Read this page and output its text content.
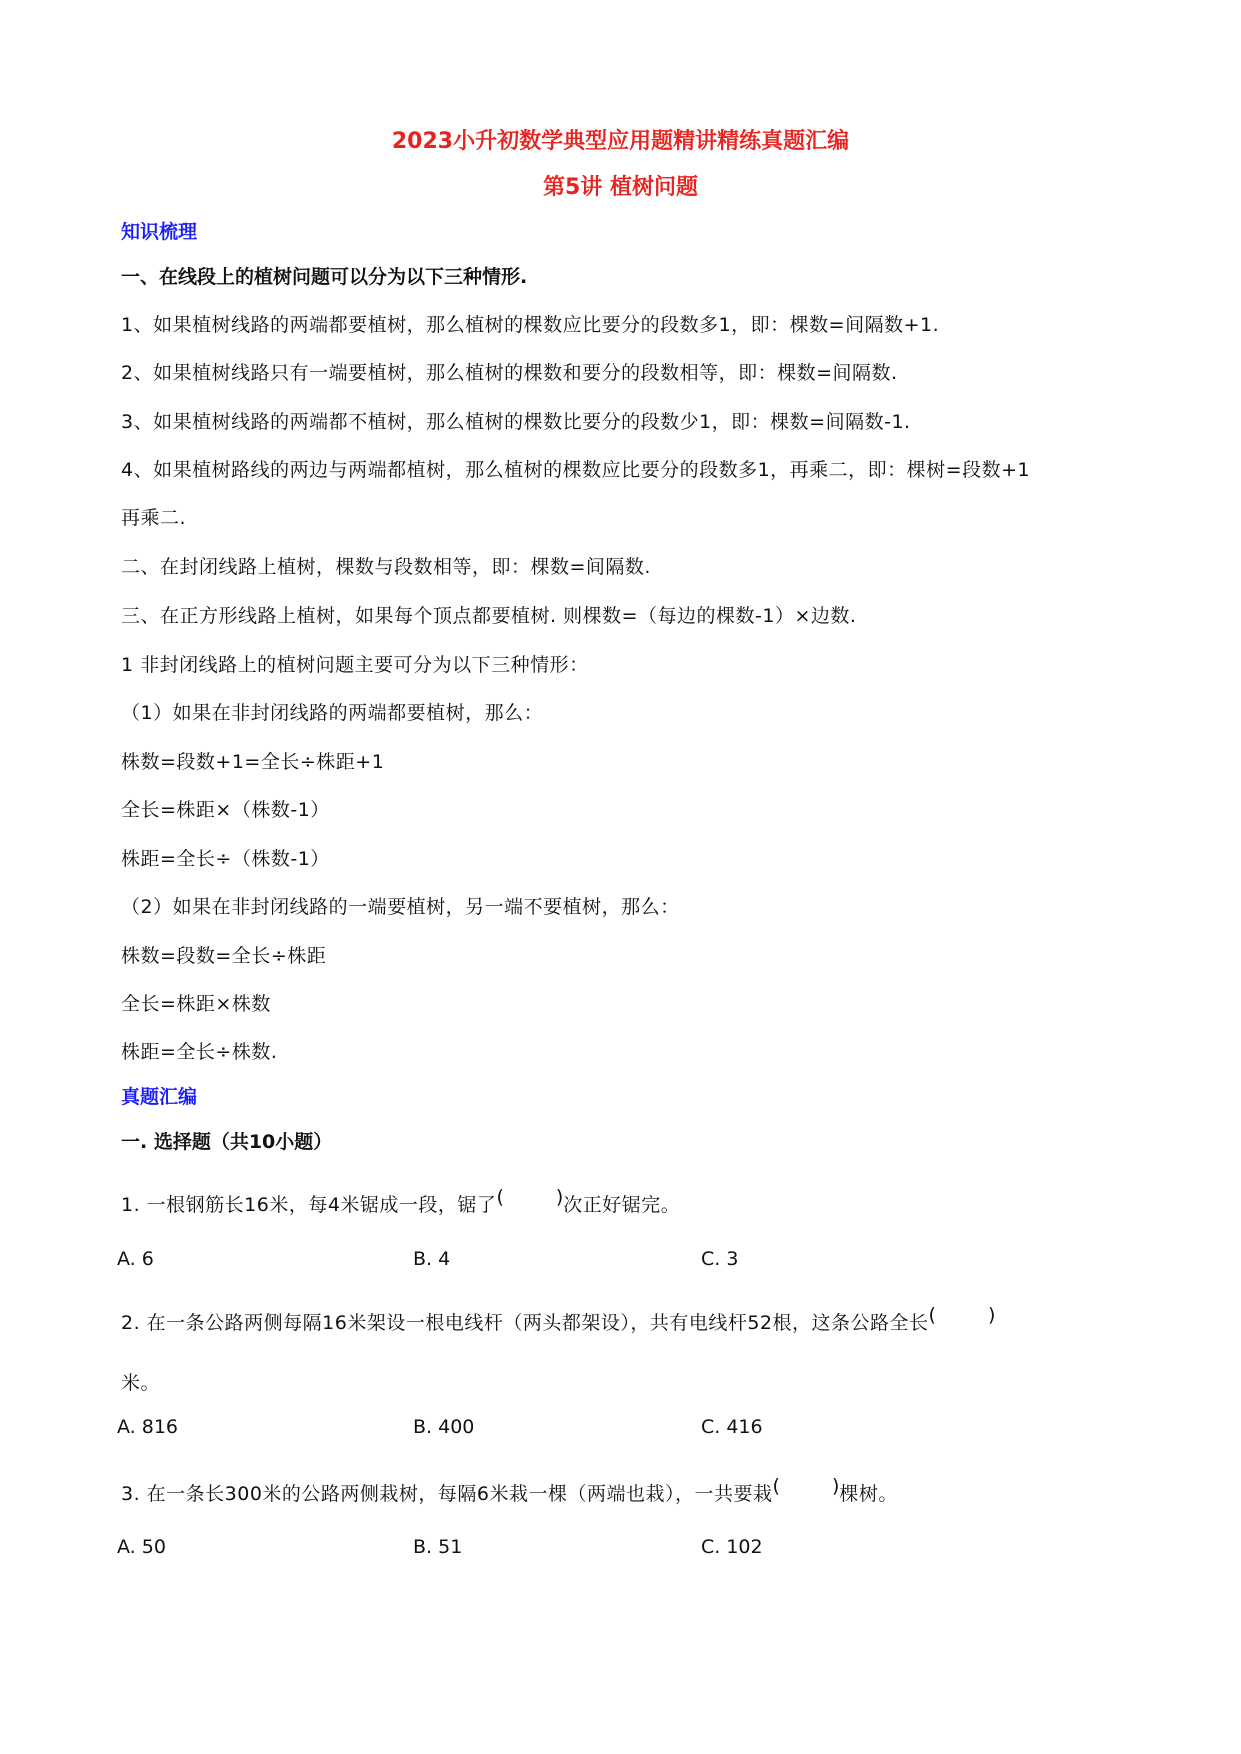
2023小升初数学典型应用题精讲精练真题汇编
第5讲 植树问题
知识梳理
一、在线段上的植树问题可以分为以下三种情形.
1、如果植树线路的两端都要植树，那么植树的棵数应比要分的段数多1，即：棵数=间隔数+1.
2、如果植树线路只有一端要植树，那么植树的棵数和要分的段数相等，即：棵数=间隔数.
3、如果植树线路的两端都不植树，那么植树的棵数比要分的段数少1，即：棵数=间隔数-1.
4、如果植树路线的两边与两端都植树，那么植树的棵数应比要分的段数多1，再乘二，即：棵树=段数+1
再乘二.
二、在封闭线路上植树，棵数与段数相等，即：棵数=间隔数.
三、在正方形线路上植树，如果每个顶点都要植树. 则棵数=（每边的棵数-1）×边数.
1 非封闭线路上的植树问题主要可分为以下三种情形：
（1）如果在非封闭线路的两端都要植树，那么：
株数=段数+1=全长÷株距+1
全长=株距×（株数-1）
株距=全长÷（株数-1）
（2）如果在非封闭线路的一端要植树，另一端不要植树，那么：
株数=段数=全长÷株距
全长=株距×株数
株距=全长÷株数.
真题汇编
一. 选择题（共10小题）
1. 一根钢筋长16米，每4米锯成一段，锯了(	)次正好锯完。
A. 6	B. 4	C. 3
2. 在一条公路两侧每隔16米架设一根电线杆（两头都架设），共有电线杆52根，这条公路全长(	)
米。
A. 816	B. 400	C. 416
3. 在一条长300米的公路两侧栽树，每隔6米栽一棵（两端也栽），一共要栽(	)棵树。
A. 50	B. 51	C. 102
